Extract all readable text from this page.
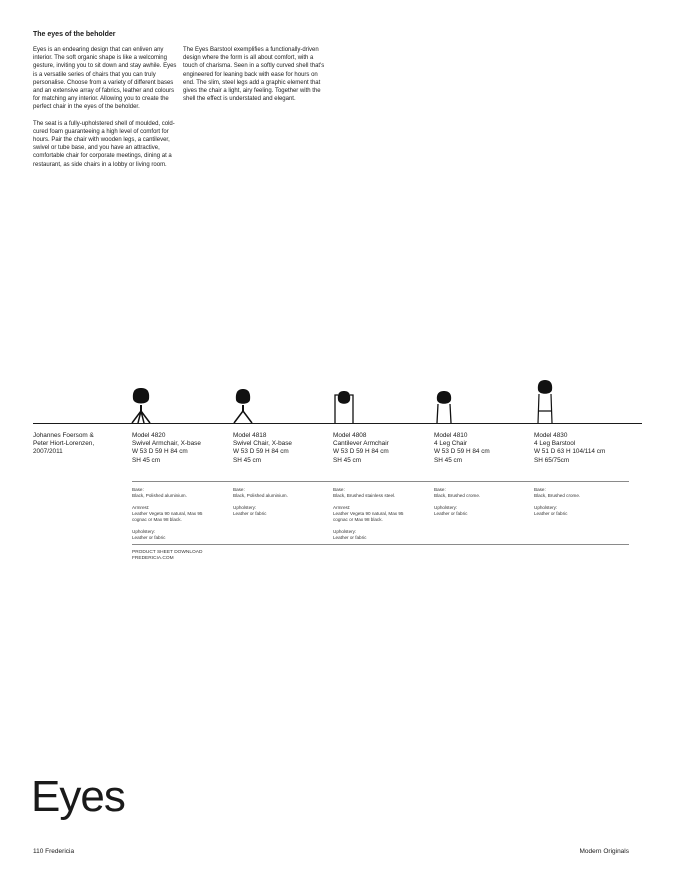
The eyes of the beholder

Eyes is an endearing design that can enliven any interior. The soft organic shape is like a welcoming gesture, inviting you to sit down and stay awhile. Eyes is a versatile series of chairs that you can truly personalise. Choose from a variety of different bases and an extensive array of fabrics, leather and colours for matching any interior. Allowing you to create the perfect chair in the eyes of the beholder.

The seat is a fully-upholstered shell of moulded, cold-cured foam guaranteeing a high level of comfort for hours. Pair the chair with wooden legs, a cantilever, swivel or tube base, and you have an attractive, comfortable chair for corporate meetings, dining at a restaurant, as side chairs in a lobby or living room.

The Eyes Barstool exemplifies a functionally-driven design where the form is all about comfort, with a touch of charisma. Seen in a softly curved shell that's engineered for leaning back with ease for hours on end. The slim, steel legs add a graphic element that gives the chair a light, airy feeling. Together with the shell the effect is understated and elegant.

Johannes Foersom &
Peter Hiort-Lorenzen,
2007/2011
Model 4820
Swivel Armchair, X-base
W 53 D 59 H 84 cm
SH 45 cm
Model 4818
Swivel Chair, X-base
W 53 D 59 H 84 cm
SH 45 cm
Model 4808
Cantilever Armchair
W 53 D 59 H 84 cm
SH 45 cm
Model 4810
4 Leg Chair
W 53 D 59 H 84 cm
SH 45 cm
Model 4830
4 Leg Barstool
W 51 D 63 H 104/114 cm
SH 65/75cm
Base:
Black, Polished aluminium.
Armrest:
Leather Vegeta 90 natural, Max 95
cognac or Max 98 black.
Upholstery:
Leather or fabric
Base:
Black, Polished aluminium.
Upholstery:
Leather or fabric
Base:
Black, Brushed stainless steel.
Armrest:
Leather Vegeta 90 natural, Max 95
cognac or Max 98 black.
Upholstery:
Leather or fabric
Base:
Black, Brushed crome.
Upholstery:
Leather or fabric
Base:
Black, Brushed crome.
Upholstery:
Leather or fabric
PRODUCT SHEET DOWNLOAD
FREDERICIA.COM
Eyes
110 Fredericia	Modern Originals
